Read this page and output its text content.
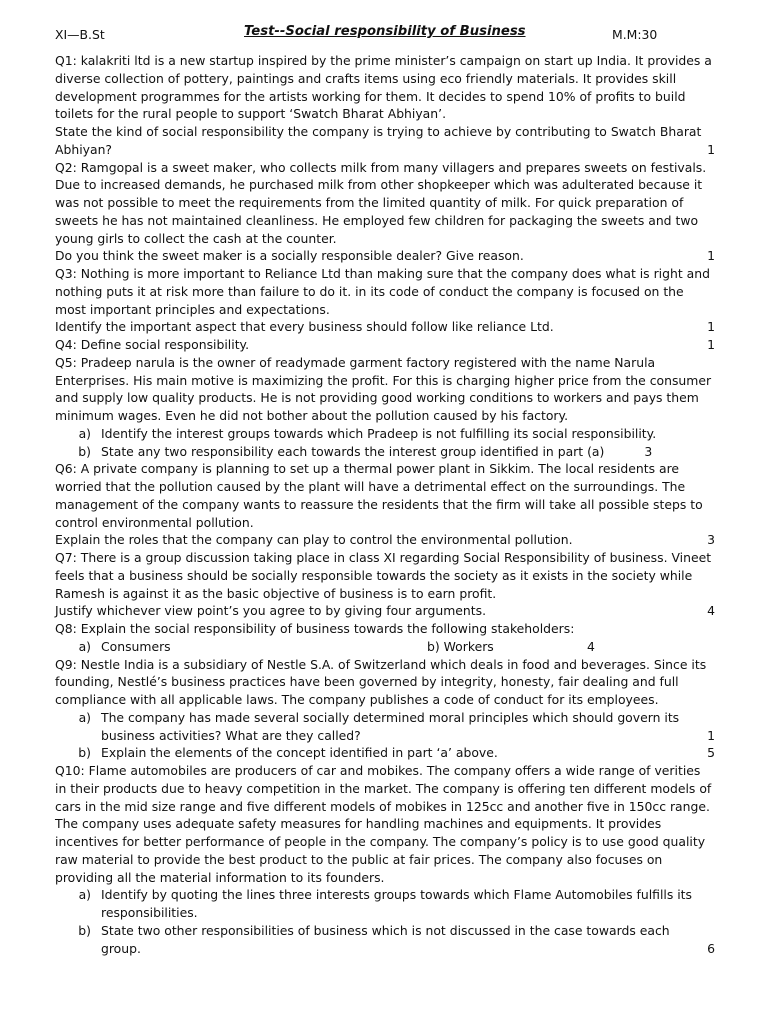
XI—B.St	Test--Social responsibility of Business	M.M:30

Q1: kalakriti ltd is a new startup inspired by the prime minister’s campaign on start up India. It provides a diverse collection of pottery, paintings and crafts items using eco friendly materials. It provides skill development programmes for the artists working for them. It decides to spend 10% of profits to build toilets for the rural people to support ‘Swatch Bharat Abhiyan’.

State the kind of social responsibility the company is trying to achieve by contributing to Swatch Bharat Abhiyan?	1

Q2: Ramgopal is a sweet maker, who collects milk from many villagers and prepares sweets on festivals. Due to increased demands, he purchased milk from other shopkeeper which was adulterated because it was not possible to meet the requirements from the limited quantity of milk. For quick preparation of sweets he has not maintained cleanliness. He employed few children for packaging the sweets and two young girls to collect the cash at the counter.

Do you think the sweet maker is a socially responsible dealer? Give reason.	1

Q3: Nothing is more important to Reliance Ltd than making sure that the company does what is right and nothing puts it at risk more than failure to do it. in its code of conduct the company is focused on the most important principles and expectations.

Identify the important aspect that every business should follow like reliance Ltd.	1

Q4: Define social responsibility.	1

Q5: Pradeep narula is the owner of readymade garment factory registered with the name Narula Enterprises. His main motive is maximizing the profit. For this is charging higher price from the consumer and supply low quality products. He is not providing good working conditions to workers and pays them minimum wages. Even he did not bother about the pollution caused by his factory.

a) Identify the interest groups towards which Pradeep is not fulfilling its social responsibility.
b) State any two responsibility each towards the interest group identified in part (a)	3

Q6: A private company is planning to set up a thermal power plant in Sikkim. The local residents are worried that the pollution caused by the plant will have a detrimental effect on the surroundings. The management of the company wants to reassure the residents that the firm will take all possible steps to control environmental pollution.

Explain the roles that the company can play to control the environmental pollution.	3

Q7: There is a group discussion taking place in class XI regarding Social Responsibility of business. Vineet feels that a business should be socially responsible towards the society as it exists in the society while Ramesh is against it as the basic objective of business is to earn profit.

Justify whichever view point’s you agree to by giving four arguments.	4

Q8: Explain the social responsibility of business towards the following stakeholders:

a) Consumers	b) Workers	4

Q9: Nestle India is a subsidiary of Nestle S.A. of Switzerland which deals in food and beverages. Since its founding, Nestlé’s business practices have been governed by integrity, honesty, fair dealing and full compliance with all applicable laws. The company publishes a code of conduct for its employees.

a) The company has made several socially determined moral principles which should govern its business activities? What are they called?	1
b) Explain the elements of the concept identified in part ‘a’ above.	5

Q10: Flame automobiles are producers of car and mobikes. The company offers a wide range of verities in their products due to heavy competition in the market. The company is offering ten different models of cars in the mid size range and five different models of mobikes in 125cc and another five in 150cc range. The company uses adequate safety measures for handling machines and equipments. It provides incentives for better performance of people in the company. The company’s policy is to use good quality raw material to provide the best product to the public at fair prices. The company also focuses on providing all the material information to its founders.

a) Identify by quoting the lines three interests groups towards which Flame Automobiles fulfills its responsibilities.
b) State two other responsibilities of business which is not discussed in the case towards each group.	6
